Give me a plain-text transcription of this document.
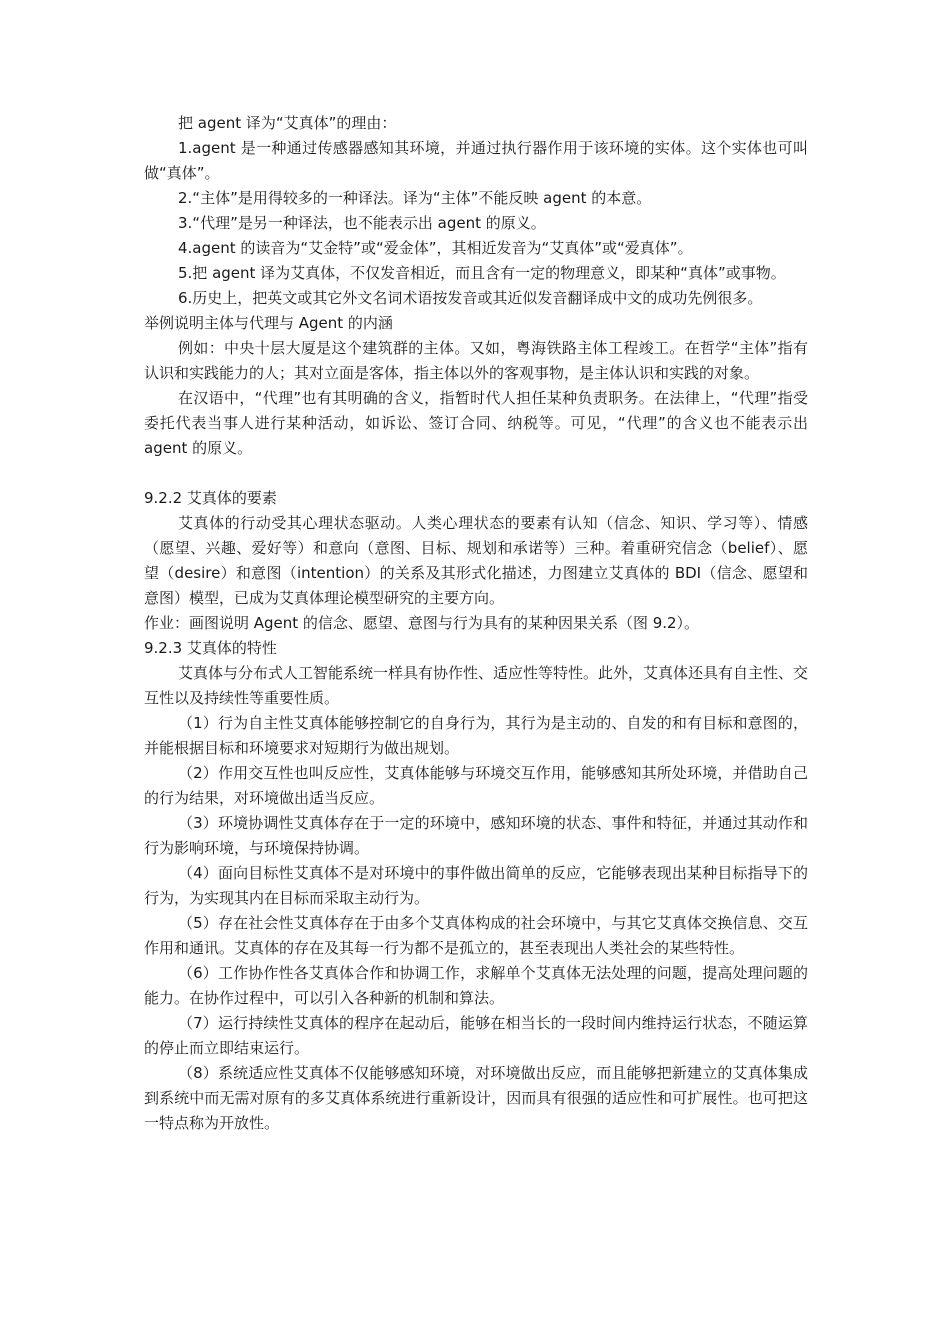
把 agent 译为“艾真体”的理由：

1.agent 是一种通过传感器感知其环境，并通过执行器作用于该环境的实体。这个实体也可叫做“真体”。

2.“主体”是用得较多的一种译法。译为“主体”不能反映 agent 的本意。

3.“代理”是另一种译法，也不能表示出 agent 的原义。

4.agent 的读音为“艾金特”或“爱金体”，其相近发音为“艾真体”或“爱真体”。

5.把 agent 译为艾真体，不仅发音相近，而且含有一定的物理意义，即某种“真体”或事物。

6.历史上，把英文或其它外文名词术语按发音或其近似发音翻译成中文的成功先例很多。

举例说明主体与代理与 Agent 的内涵

例如：中央十层大厦是这个建筑群的主体。又如，粤海铁路主体工程竣工。在哲学“主体”指有认识和实践能力的人；其对立面是客体，指主体以外的客观事物，是主体认识和实践的对象。

在汉语中，“代理”也有其明确的含义，指暂时代人担任某种负责职务。在法律上，“代理”指受委托代表当事人进行某种活动，如诉讼、签订合同、纳税等。可见，“代理”的含义也不能表示出 agent 的原义。

9.2.2 艾真体的要素

艾真体的行动受其心理状态驱动。人类心理状态的要素有认知（信念、知识、学习等）、情感（愿望、兴趣、爱好等）和意向（意图、目标、规划和承诺等）三种。着重研究信念（belief）、愿望（desire）和意图（intention）的关系及其形式化描述，力图建立艾真体的 BDI（信念、愿望和意图）模型，已成为艾真体理论模型研究的主要方向。

作业：画图说明 Agent 的信念、愿望、意图与行为具有的某种因果关系（图 9.2）。

9.2.3 艾真体的特性

艾真体与分布式人工智能系统一样具有协作性、适应性等特性。此外，艾真体还具有自主性、交互性以及持续性等重要性质。

（1）行为自主性艾真体能够控制它的自身行为，其行为是主动的、自发的和有目标和意图的，并能根据目标和环境要求对短期行为做出规划。

（2）作用交互性也叫反应性，艾真体能够与环境交互作用，能够感知其所处环境，并借助自己的行为结果，对环境做出适当反应。

（3）环境协调性艾真体存在于一定的环境中，感知环境的状态、事件和特征，并通过其动作和行为影响环境，与环境保持协调。

（4）面向目标性艾真体不是对环境中的事件做出简单的反应，它能够表现出某种目标指导下的行为，为实现其内在目标而采取主动行为。

（5）存在社会性艾真体存在于由多个艾真体构成的社会环境中，与其它艾真体交换信息、交互作用和通讯。艾真体的存在及其每一行为都不是孤立的，甚至表现出人类社会的某些特性。

（6）工作协作性各艾真体合作和协调工作，求解单个艾真体无法处理的问题，提高处理问题的能力。在协作过程中，可以引入各种新的机制和算法。

（7）运行持续性艾真体的程序在起动后，能够在相当长的一段时间内维持运行状态，不随运算的停止而立即结束运行。

（8）系统适应性艾真体不仅能够感知环境，对环境做出反应，而且能够把新建立的艾真体集成到系统中而无需对原有的多艾真体系统进行重新设计，因而具有很强的适应性和可扩展性。也可把这一特点称为开放性。
